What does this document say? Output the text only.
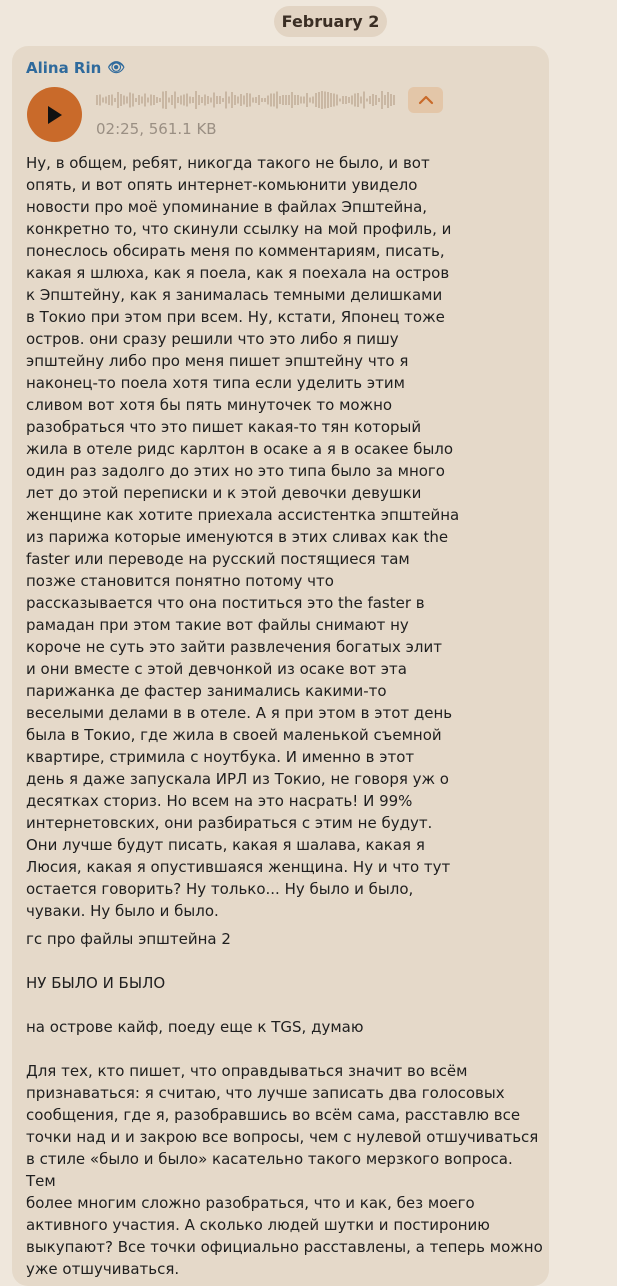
February 2
Alina Rin 👁
02:25, 561.1 KB
Ну, в общем, ребят, никогда такого не было, и вот
опять, и вот опять интернет-комьюнити увидело
новости про моё упоминание в файлах Эпштейна,
конкретно то, что скинули ссылку на мой профиль, и
понеслось обсирать меня по комментариям, писать,
какая я шлюха, как я поела, как я поехала на остров
к Эпштейну, как я занималась темными делишками
в Токио при этом при всем. Ну, кстати, Японец тоже
остров. они сразу решили что это либо я пишу
эпштейну либо про меня пишет эпштейну что я
наконец-то поела хотя типа если уделить этим
сливом вот хотя бы пять минуточек то можно
разобраться что это пишет какая-то тян который
жила в отеле ридс карлтон в осаке а я в осакее было
один раз задолго до этих но это типа было за много
лет до этой переписки и к этой девочки девушки
женщине как хотите приехала ассистентка эпштейна
из парижа которые именуются в этих сливах как the
faster или переводе на русский постящиеся там
позже становится понятно потому что
рассказывается что она поститься это the faster в
рамадан при этом такие вот файлы снимают ну
короче не суть это зайти развлечения богатых элит
и они вместе с этой девчонкой из осаке вот эта
парижанка де фастер занимались какими-то
веселыми делами в в отеле. А я при этом в этот день
была в Токио, где жила в своей маленькой съемной
квартире, стримила с ноутбука. И именно в этот
день я даже запускала ИРЛ из Токио, не говоря уж о
десятках сториз. Но всем на это насрать! И 99%
интернетовских, они разбираться с этим не будут.
Они лучше будут писать, какая я шалава, какая я
Люсия, какая я опустившаяся женщина. Ну и что тут
остается говорить? Ну только... Ну было и было,
чуваки. Ну было и было.
гс про файлы эпштейна 2
НУ БЫЛО И БЫЛО
на острове кайф, поеду еще к TGS, думаю
Для тех, кто пишет, что оправдываться значит во всём
признаваться: я считаю, что лучше записать два голосовых
сообщения, где я, разобравшись во всём сама, расставлю все
точки над и и закрою все вопросы, чем с нулевой отшучиваться
в стиле «было и было» касательно такого мерзкого вопроса. Тем
более многим сложно разобраться, что и как, без моего
активного участия. А сколько людей шутки и постиронию
выкупают? Все точки официально расставлены, а теперь можно
уже отшучиваться.
